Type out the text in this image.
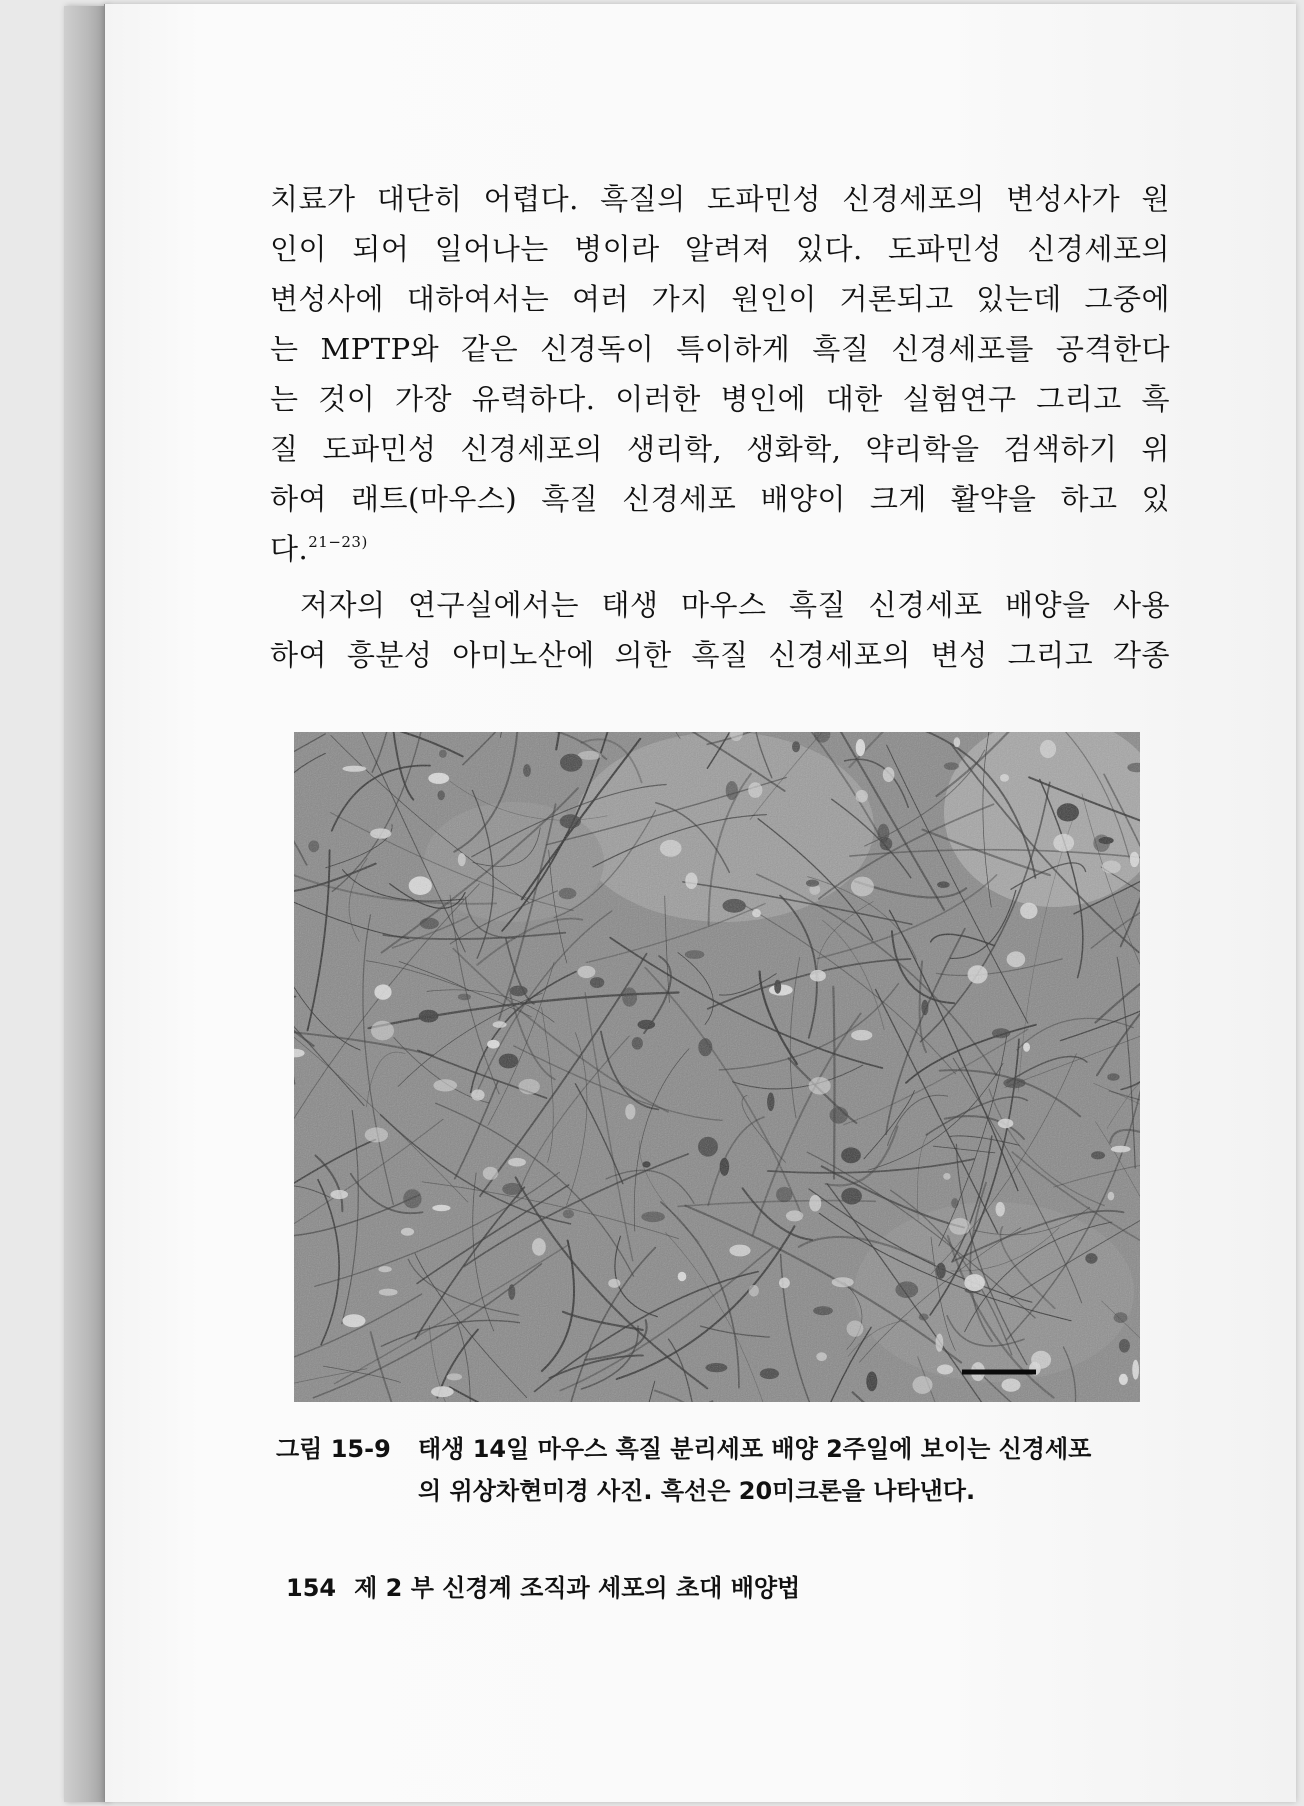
치료가 대단히 어렵다. 흑질의 도파민성 신경세포의 변성사가 원
인이 되어 일어나는 병이라 알려져 있다. 도파민성 신경세포의
변성사에 대하여서는 여러 가지 원인이 거론되고 있는데 그중에
는 MPTP와 같은 신경독이 특이하게 흑질 신경세포를 공격한다
는 것이 가장 유력하다. 이러한 병인에 대한 실험연구 그리고 흑
질 도파민성 신경세포의 생리학, 생화학, 약리학을 검색하기 위
하여 래트(마우스) 흑질 신경세포 배양이 크게 활약을 하고 있
다.$^{21-23)}$
저자의 연구실에서는 태생 마우스 흑질 신경세포 배양을 사용
하여 흥분성 아미노산에 의한 흑질 신경세포의 변성 그리고 각종
그림 15-9 태생 14일 마우스 흑질 분리세포 배양 2주일에 보이는 신경세포
의 위상차현미경 사진. 흑선은 20미크론을 나타낸다.
154 제 2 부 신경계 조직과 세포의 초대 배양법
